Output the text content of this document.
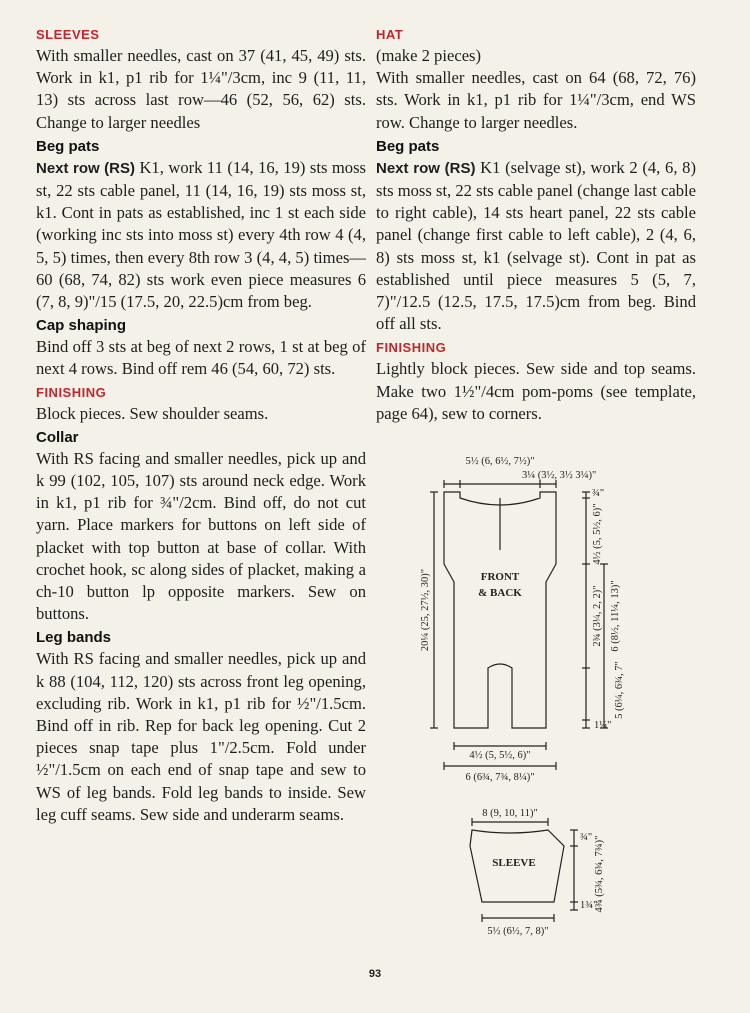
SLEEVES

With smaller needles, cast on 37 (41, 45, 49) sts. Work in k1, p1 rib for 1¼"/3cm, inc 9 (11, 11, 13) sts across last row—46 (52, 56, 62) sts. Change to larger needles

Beg pats

Next row (RS) K1, work 11 (14, 16, 19) sts moss st, 22 sts cable panel, 11 (14, 16, 19) sts moss st, k1. Cont in pats as established, inc 1 st each side (working inc sts into moss st) every 4th row 4 (4, 5, 5) times, then every 8th row 3 (4, 4, 5) times—60 (68, 74, 82) sts work even piece measures 6 (7, 8, 9)"/15 (17.5, 20, 22.5)cm from beg.

Cap shaping

Bind off 3 sts at beg of next 2 rows, 1 st at beg of next 4 rows. Bind off rem 46 (54, 60, 72) sts.

FINISHING

Block pieces. Sew shoulder seams.

Collar

With RS facing and smaller needles, pick up and k 99 (102, 105, 107) sts around neck edge. Work in k1, p1 rib for ¾"/2cm. Bind off, do not cut yarn. Place markers for buttons on left side of placket with top button at base of collar. With crochet hook, sc along sides of placket, making a ch-10 button lp opposite markers. Sew on buttons.

Leg bands

With RS facing and smaller needles, pick up and k 88 (104, 112, 120) sts across front leg opening, excluding rib. Work in k1, p1 rib for ½"/1.5cm. Bind off in rib. Rep for back leg opening. Cut 2 pieces snap tape plus 1"/2.5cm. Fold under ½"/1.5cm on each end of snap tape and sew to WS of leg bands. Fold leg bands to inside. Sew leg cuff seams. Sew side and underarm seams.

HAT

(make 2 pieces)
With smaller needles, cast on 64 (68, 72, 76) sts. Work in k1, p1 rib for 1¼"/3cm, end WS row. Change to larger needles.

Beg pats

Next row (RS) K1 (selvage st), work 2 (4, 6, 8) sts moss st, 22 sts cable panel (change last cable to right cable), 14 sts heart panel, 22 sts cable panel (change first cable to left cable), 2 (4, 6, 8) sts moss st, k1 (selvage st). Cont in pat as established until piece measures 5 (5, 7, 7)"/12.5 (12.5, 17.5, 17.5)cm from beg. Bind off all sts.

FINISHING

Lightly block pieces. Sew side and top seams. Make two 1½"/4cm pom-poms (see template, page 64), sew to corners.

5½ (6, 6½, 7½)"
3¼ (3½, 3½ 3¼)"
¾"
FRONT
& BACK
20¼ (25, 27½, 30)"
4½ (5, 5½, 6)"
2¾ (3¼, 2, 2)" 6 (8½, 11¼, 13)"
5 (6¼, 6¾, 7"
1¼"
4½ (5, 5½, 6)"
6 (6¾, 7¾, 8¼)"
8 (9, 10, 11)"
SLEEVE
¾" 4¾ (5¾, 6¾, 7¾)"
1¾"
5½ (6½, 7, 8)"
93
